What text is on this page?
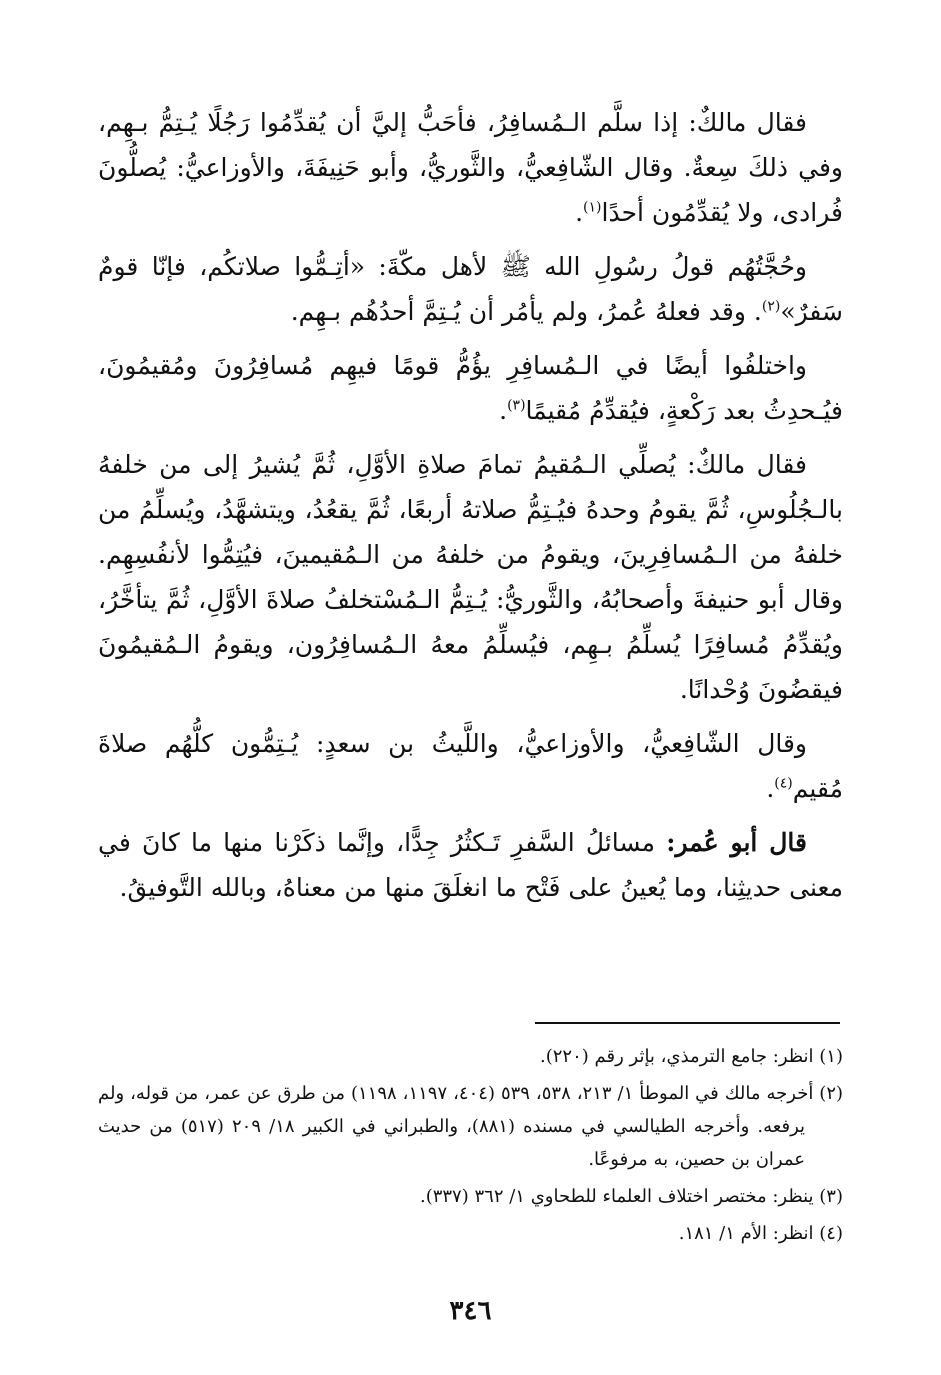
فقال مالكٌ: إذا سلَّم الـمُسافِرُ، فأحَبُّ إليَّ أن يُقدِّمُوا رَجُلًا يُـتِمُّ بـهِم، وفي ذلكَ سِعةٌ. وقال الشّافِعيُّ، والثَّوريُّ، وأبو حَنِيفَةَ، والأوزاعيُّ: يُصلُّونَ فُرادى، ولا يُقدِّمُون أحدًا$^{(١)}$.

وحُجَّتُهُم قولُ رسُولِ الله ﷺ لأهل مكّةَ: «أتِـمُّوا صلاتكُم، فإنّا قومٌ سَفرٌ»$^{(٢)}$. وقد فعلهُ عُمرُ، ولم يأمُر أن يُـتِمَّ أحدُهُم بـهِم.

واختلفُوا أيضًا في الـمُسافِرِ يؤُمُّ قومًا فيهِم مُسافِرُونَ ومُقيمُونَ، فيُـحدِثُ بعد رَكْعةٍ، فيُقدِّمُ مُقيمًا$^{(٣)}$.

فقال مالكٌ: يُصلِّي الـمُقيمُ تمامَ صلاةِ الأوَّلِ، ثُمَّ يُشيرُ إلى من خلفهُ بالـجُلُوسِ، ثُمَّ يقومُ وحدهُ فيُـتِمُّ صلاتهُ أربعًا، ثُمَّ يقعُدُ، ويتشهَّدُ، ويُسلِّمُ من خلفهُ من الـمُسافِرِينَ، ويقومُ من خلفهُ من الـمُقيمينَ، فيُتِمُّوا لأنفُسِهِم. وقال أبو حنيفةَ وأصحابُهُ، والثَّوريُّ: يُـتِمُّ الـمُسْتخلفُ صلاةَ الأوَّلِ، ثُمَّ يتأخَّرُ، ويُقدِّمُ مُسافِرًا يُسلِّمُ بـهِم، فيُسلِّمُ معهُ الـمُسافِرُون، ويقومُ الـمُقيمُونَ فيقضُونَ وُحْدانًا.

وقال الشّافِعيُّ، والأوزاعيُّ، واللَّيثُ بن سعدٍ: يُـتِمُّون كلُّهُم صلاةَ مُقيم$^{(٤)}$.

قال أبو عُمر: مسائلُ السَّفرِ تَـكثُرُ جِدًّا، وإنَّما ذكَرْنا منها ما كانَ في معنى حديثِنا، وما يُعينُ على فَتْح ما انغلَقَ منها من معناهُ، وبالله التَّوفيقُ.

(١) انظر: جامع الترمذي، بإثر رقم (٢٢٠).

(٢) أخرجه مالك في الموطأ ١/ ٢١٣، ٥٣٨، ٥٣٩ (٤٠٤، ١١٩٧، ١١٩٨) من طرق عن عمر، من قوله، ولم يرفعه. وأخرجه الطيالسي في مسنده (٨٨١)، والطبراني في الكبير ١٨/ ٢٠٩ (٥١٧) من حديث عمران بن حصين، به مرفوعًا.

(٣) ينظر: مختصر اختلاف العلماء للطحاوي ١/ ٣٦٢ (٣٣٧).

(٤) انظر: الأم ١/ ١٨١.

٣٤٦
